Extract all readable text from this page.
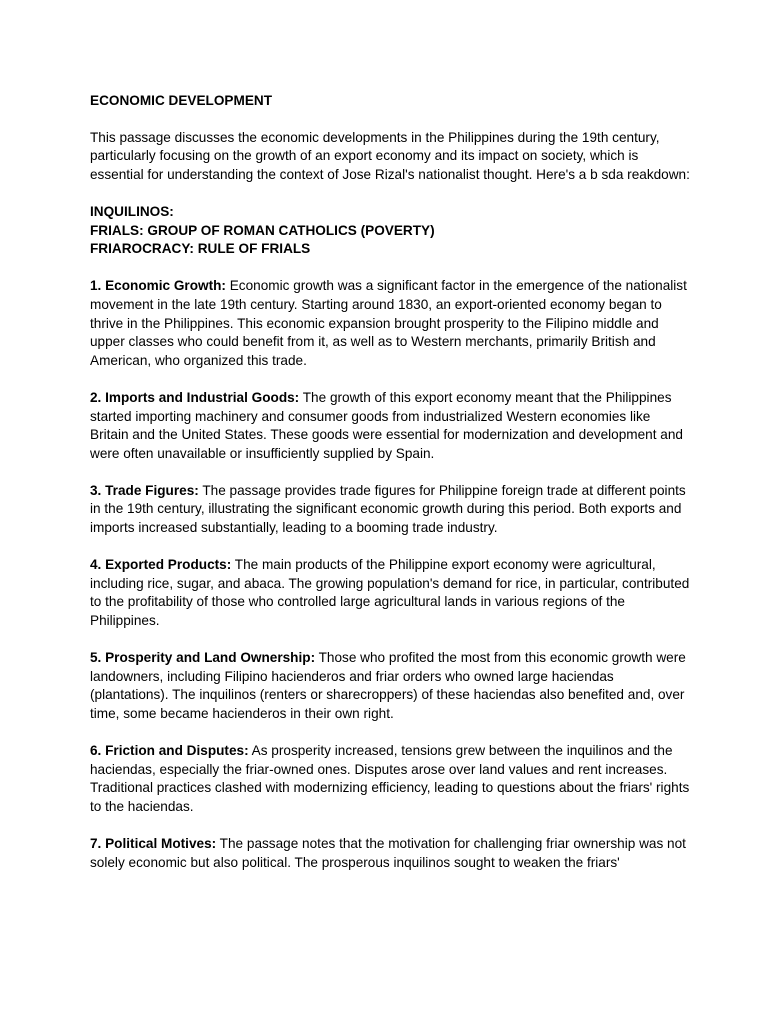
ECONOMIC DEVELOPMENT
This passage discusses the economic developments in the Philippines during the 19th century, particularly focusing on the growth of an export economy and its impact on society, which is essential for understanding the context of Jose Rizal's nationalist thought. Here's a b sda reakdown:
INQUILINOS:
FRIALS: GROUP OF ROMAN CATHOLICS (POVERTY)
FRIAROCRACY: RULE OF FRIALS
1. Economic Growth: Economic growth was a significant factor in the emergence of the nationalist movement in the late 19th century. Starting around 1830, an export-oriented economy began to thrive in the Philippines. This economic expansion brought prosperity to the Filipino middle and upper classes who could benefit from it, as well as to Western merchants, primarily British and American, who organized this trade.
2. Imports and Industrial Goods: The growth of this export economy meant that the Philippines started importing machinery and consumer goods from industrialized Western economies like Britain and the United States. These goods were essential for modernization and development and were often unavailable or insufficiently supplied by Spain.
3. Trade Figures: The passage provides trade figures for Philippine foreign trade at different points in the 19th century, illustrating the significant economic growth during this period. Both exports and imports increased substantially, leading to a booming trade industry.
4. Exported Products: The main products of the Philippine export economy were agricultural, including rice, sugar, and abaca. The growing population's demand for rice, in particular, contributed to the profitability of those who controlled large agricultural lands in various regions of the Philippines.
5. Prosperity and Land Ownership: Those who profited the most from this economic growth were landowners, including Filipino hacienderos and friar orders who owned large haciendas (plantations). The inquilinos (renters or sharecroppers) of these haciendas also benefited and, over time, some became hacienderos in their own right.
6. Friction and Disputes: As prosperity increased, tensions grew between the inquilinos and the haciendas, especially the friar-owned ones. Disputes arose over land values and rent increases. Traditional practices clashed with modernizing efficiency, leading to questions about the friars' rights to the haciendas.
7. Political Motives: The passage notes that the motivation for challenging friar ownership was not solely economic but also political. The prosperous inquilinos sought to weaken the friars'
